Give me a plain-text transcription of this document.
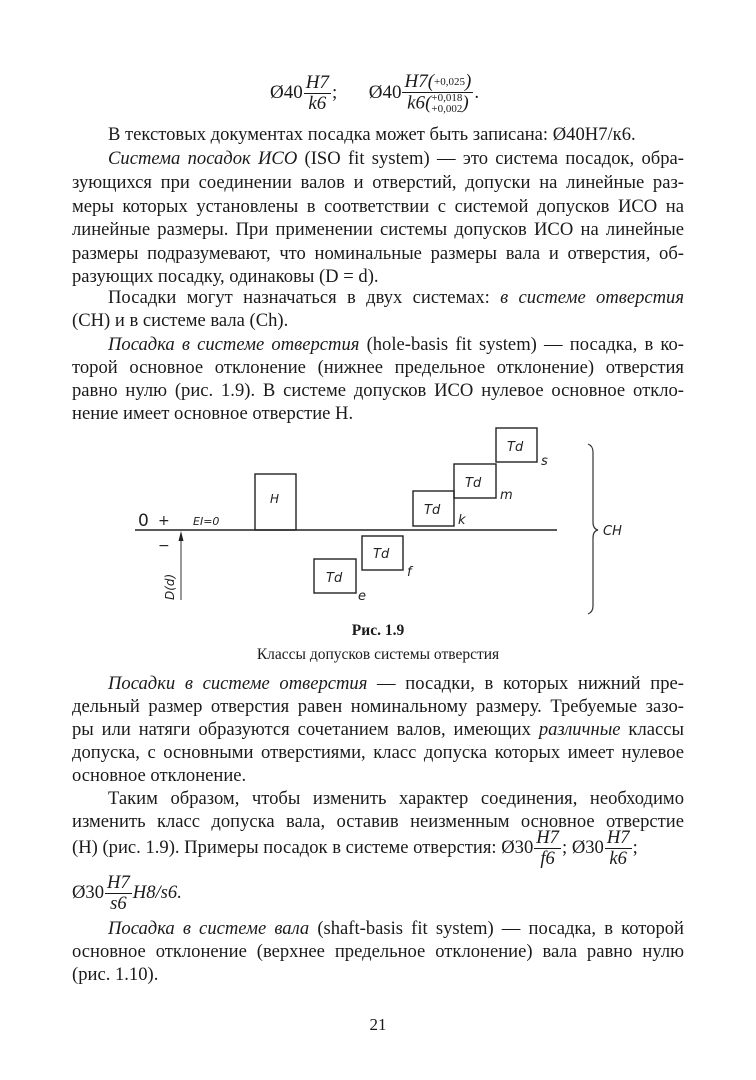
Ø40 $\frac{H7}{k6}$ ; Ø40
H7(+0,025)
k6(+0,018
+0,002) .
В текстовых документах посадка может быть записана: Ø40H7/к6.
Система посадок ИСО (ISO fit system) — это система посадок, обра-
зующихся при соединении валов и отверстий, допуски на линейные раз-
меры которых установлены в соответствии с системой допусков ИСО на
линейные размеры. При применении системы допусков ИСО на линейные
размеры подразумевают, что номинальные размеры вала и отверстия, об-
разующих посадку, одинаковы (D = d).
Посадки могут назначаться в двух системах: в системе отверстия
(CH) и в системе вала (Ch).
Посадка в системе отверстия (hole-basis fit system) — посадка, в ко-
торой основное отклонение (нижнее предельное отклонение) отверстия
равно нулю (рис. 1.9). В системе допусков ИСО нулевое основное откло-
нение имеет основное отверстие H.
0 +
−
EI=0
D(d)
H
Td
e
Td
f
Td
k
Td
m
Td
s
CH
Рис. 1.9
Классы допусков системы отверстия
Посадки в системе отверстия — посадки, в которых нижний пре-
дельный размер отверстия равен номинальному размеру. Требуемые зазо-
ры или натяги образуются сочетанием валов, имеющих различные классы
допуска, с основными отверстиями, класс допуска которых имеет нулевое
основное отклонение.
Таким образом, чтобы изменить характер соединения, необходимо
изменить класс допуска вала, оставив неизменным основное отверстие
(H) (рис. 1.9). Примеры посадок в системе отверстия: Ø30 $\frac{H7}{f6}$ ; Ø30 $\frac{H7}{k6}$ ;
Ø30 $\frac{H7}{s6} H8/s6$.
Посадка в системе вала (shaft-basis fit system) — посадка, в которой
основное отклонение (верхнее предельное отклонение) вала равно нулю
(рис. 1.10).
21
